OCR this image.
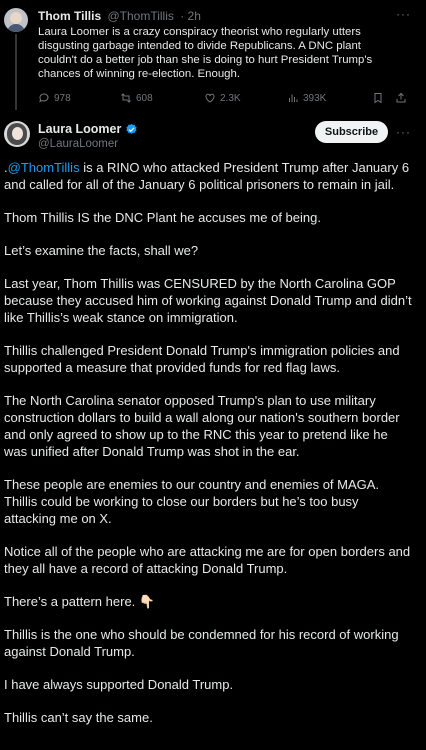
Thom Tillis @ThomTillis · 2h	···
Laura Loomer is a crazy conspiracy theorist who regularly utters disgusting garbage intended to divide Republicans. A DNC plant couldn't do a better job than she is doing to hurt President Trump's chances of winning re-election. Enough.
978	608	2.3K	393K
Laura Loomer
@LauraLoomer
Subscribe	···

.@ThomTillis is a RINO who attacked President Trump after January 6 and called for all of the January 6 political prisoners to remain in jail.

Thom Thillis IS the DNC Plant he accuses me of being.

Let’s examine the facts, shall we?

Last year, Thom Thillis was CENSURED by the North Carolina GOP because they accused him of working against Donald Trump and didn’t like Thillis’s weak stance on immigration.

Thillis challenged President Donald Trump's immigration policies and supported a measure that provided funds for red flag laws.

The North Carolina senator opposed Trump's plan to use military construction dollars to build a wall along our nation's southern border and only agreed to show up to the RNC this year to pretend like he was unified after Donald Trump was shot in the ear.

These people are enemies to our country and enemies of MAGA. Thillis could be working to close our borders but he’s too busy attacking me on X.

Notice all of the people who are attacking me are for open borders and they all have a record of attacking Donald Trump.

There’s a pattern here. 👇🏻

Thillis is the one who should be condemned for his record of working against Donald Trump.

I have always supported Donald Trump.

Thillis can’t say the same.
